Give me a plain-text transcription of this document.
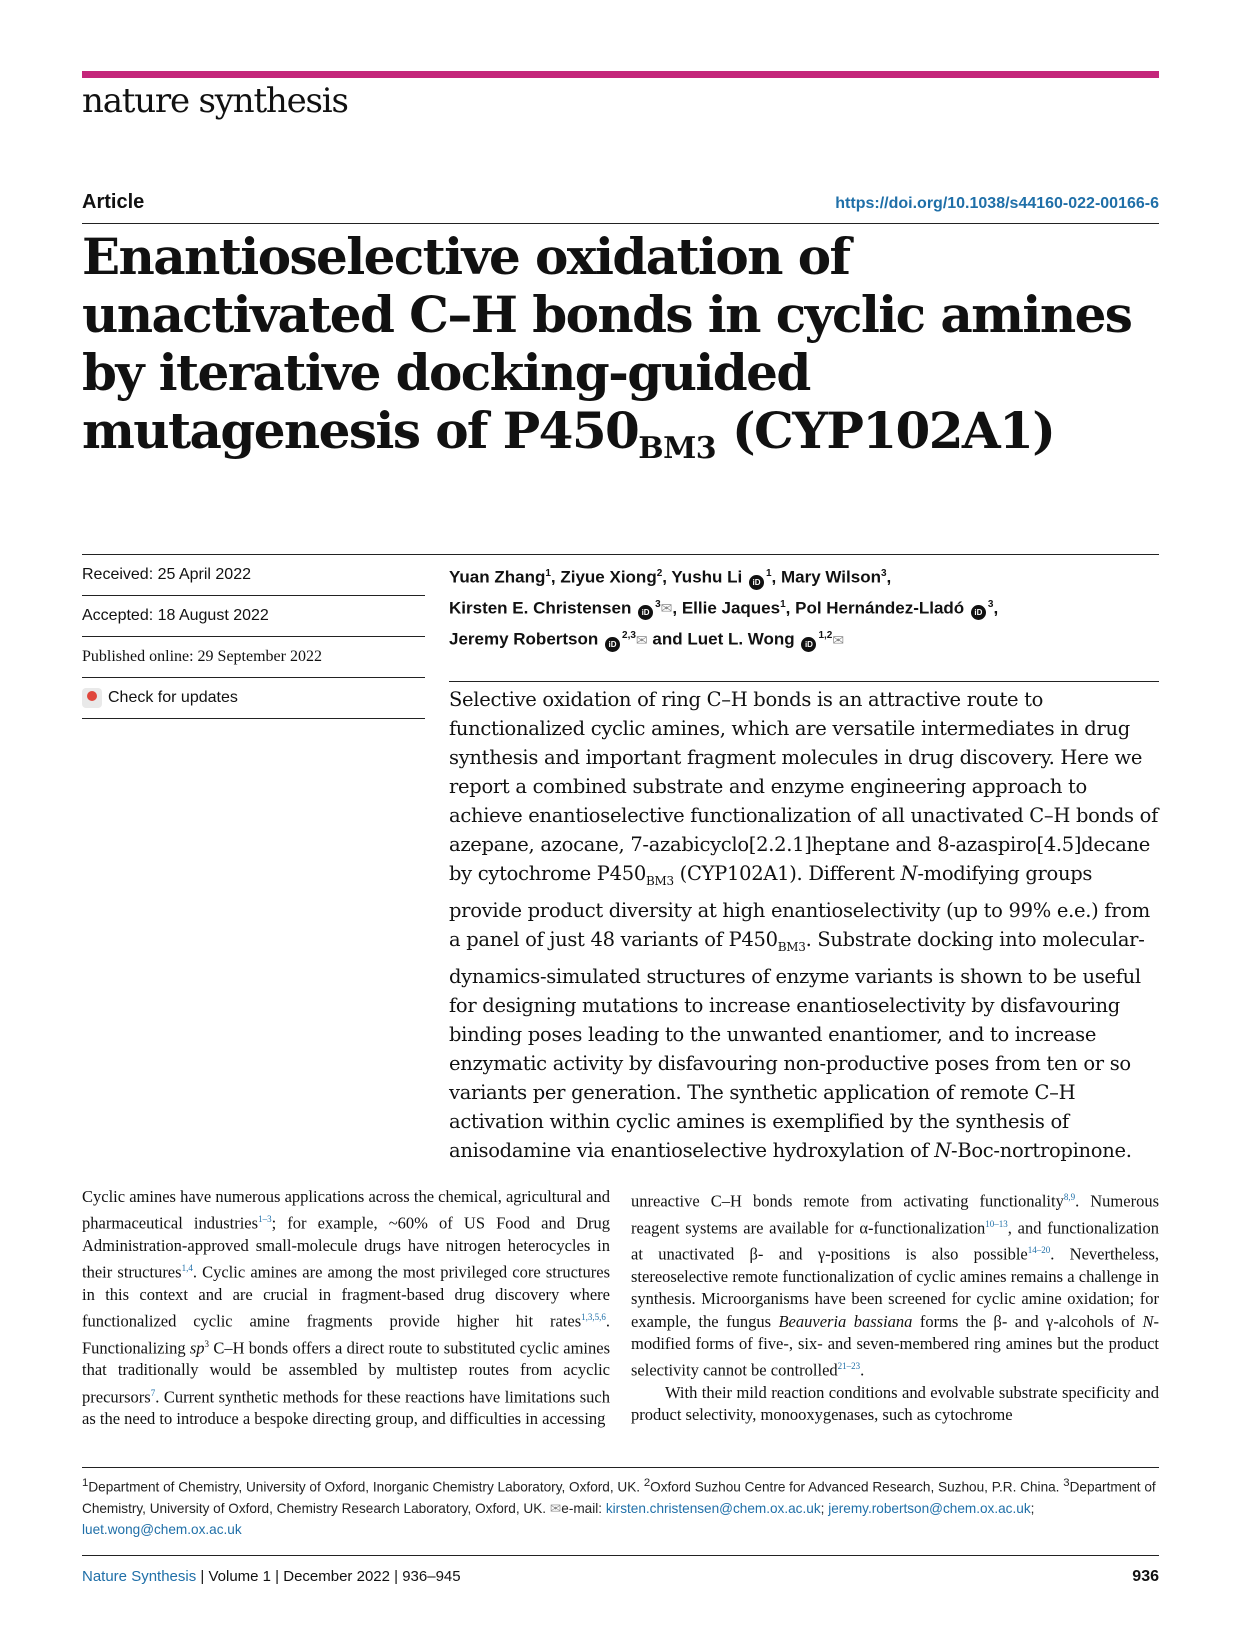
nature synthesis
Article	https://doi.org/10.1038/s44160-022-00166-6
Enantioselective oxidation of unactivated C–H bonds in cyclic amines by iterative docking-guided mutagenesis of $P450_{BM3}$ (CYP102A1)
Received: 25 April 2022
Accepted: 18 August 2022
Published online: 29 September 2022
Check for updates
Yuan Zhang$^1$, Ziyue Xiong$^2$, Yushu Li $iD^1$, Mary Wilson$^3$,
Kirsten E. Christensen $iD^3✉$, Ellie Jaques$^1$, Pol Hernández-Lladó $iD^3$,
Jeremy Robertson iD$^{2,3}$✉ and Luet L. Wong iD$^{1,2}$✉

Selective oxidation of ring C–H bonds is an attractive route to functionalized cyclic amines, which are versatile intermediates in drug synthesis and important fragment molecules in drug discovery. Here we report a combined substrate and enzyme engineering approach to achieve enantioselective functionalization of all unactivated C–H bonds of azepane, azocane, 7-azabicyclo[2.2.1]heptane and 8-azaspiro[4.5]decane by cytochrome $P450_{BM3}$ (CYP102A1). Different N-modifying groups provide product diversity at high enantioselectivity (up to 99% e.e.) from a panel of just 48 variants of $P450_{BM3}$. Substrate docking into molecular-dynamics-simulated structures of enzyme variants is shown to be useful for designing mutations to increase enantioselectivity by disfavouring binding poses leading to the unwanted enantiomer, and to increase enzymatic activity by disfavouring non-productive poses from ten or so variants per generation. The synthetic application of remote C–H activation within cyclic amines is exemplified by the synthesis of anisodamine via enantioselective hydroxylation of N-Boc-nortropinone.

Cyclic amines have numerous applications across the chemical, agricultural and pharmaceutical industries$^{1-3}$; for example, ~60% of US Food and Drug Administration-approved small-molecule drugs have nitrogen heterocycles in their structures$^{1,4}$. Cyclic amines are among the most privileged core structures in this context and are crucial in fragment-based drug discovery where functionalized cyclic amine fragments provide higher hit rates$^{1,3,5,6}$. Functionalizing $sp^3$ C–H bonds offers a direct route to substituted cyclic amines that traditionally would be assembled by multistep routes from acyclic precursors$^7$. Current synthetic methods for these reactions have limitations such as the need to introduce a bespoke directing group, and difficulties in accessing

unreactive C–H bonds remote from activating functionality$^{8,9}$. Numerous reagent systems are available for α-functionalization$^{10-13}$, and functionalization at unactivated β- and γ-positions is also possible$^{14-20}$. Nevertheless, stereoselective remote functionalization of cyclic amines remains a challenge in synthesis. Microorganisms have been screened for cyclic amine oxidation; for example, the fungus Beauveria bassiana forms the β- and γ-alcohols of N-modified forms of five-, six- and seven-membered ring amines but the product selectivity cannot be controlled$^{21-23}$.

With their mild reaction conditions and evolvable substrate specificity and product selectivity, monooxygenases, such as cytochrome

$^1$Department of Chemistry, University of Oxford, Inorganic Chemistry Laboratory, Oxford, UK. $^2$Oxford Suzhou Centre for Advanced Research, Suzhou, P.R. China. $^3$Department of Chemistry, University of Oxford, Chemistry Research Laboratory, Oxford, UK. ✉e-mail: kirsten.christensen@chem.ox.ac.uk; jeremy.robertson@chem.ox.ac.uk; luet.wong@chem.ox.ac.uk
Nature Synthesis | Volume 1 | December 2022 | 936–945	936
